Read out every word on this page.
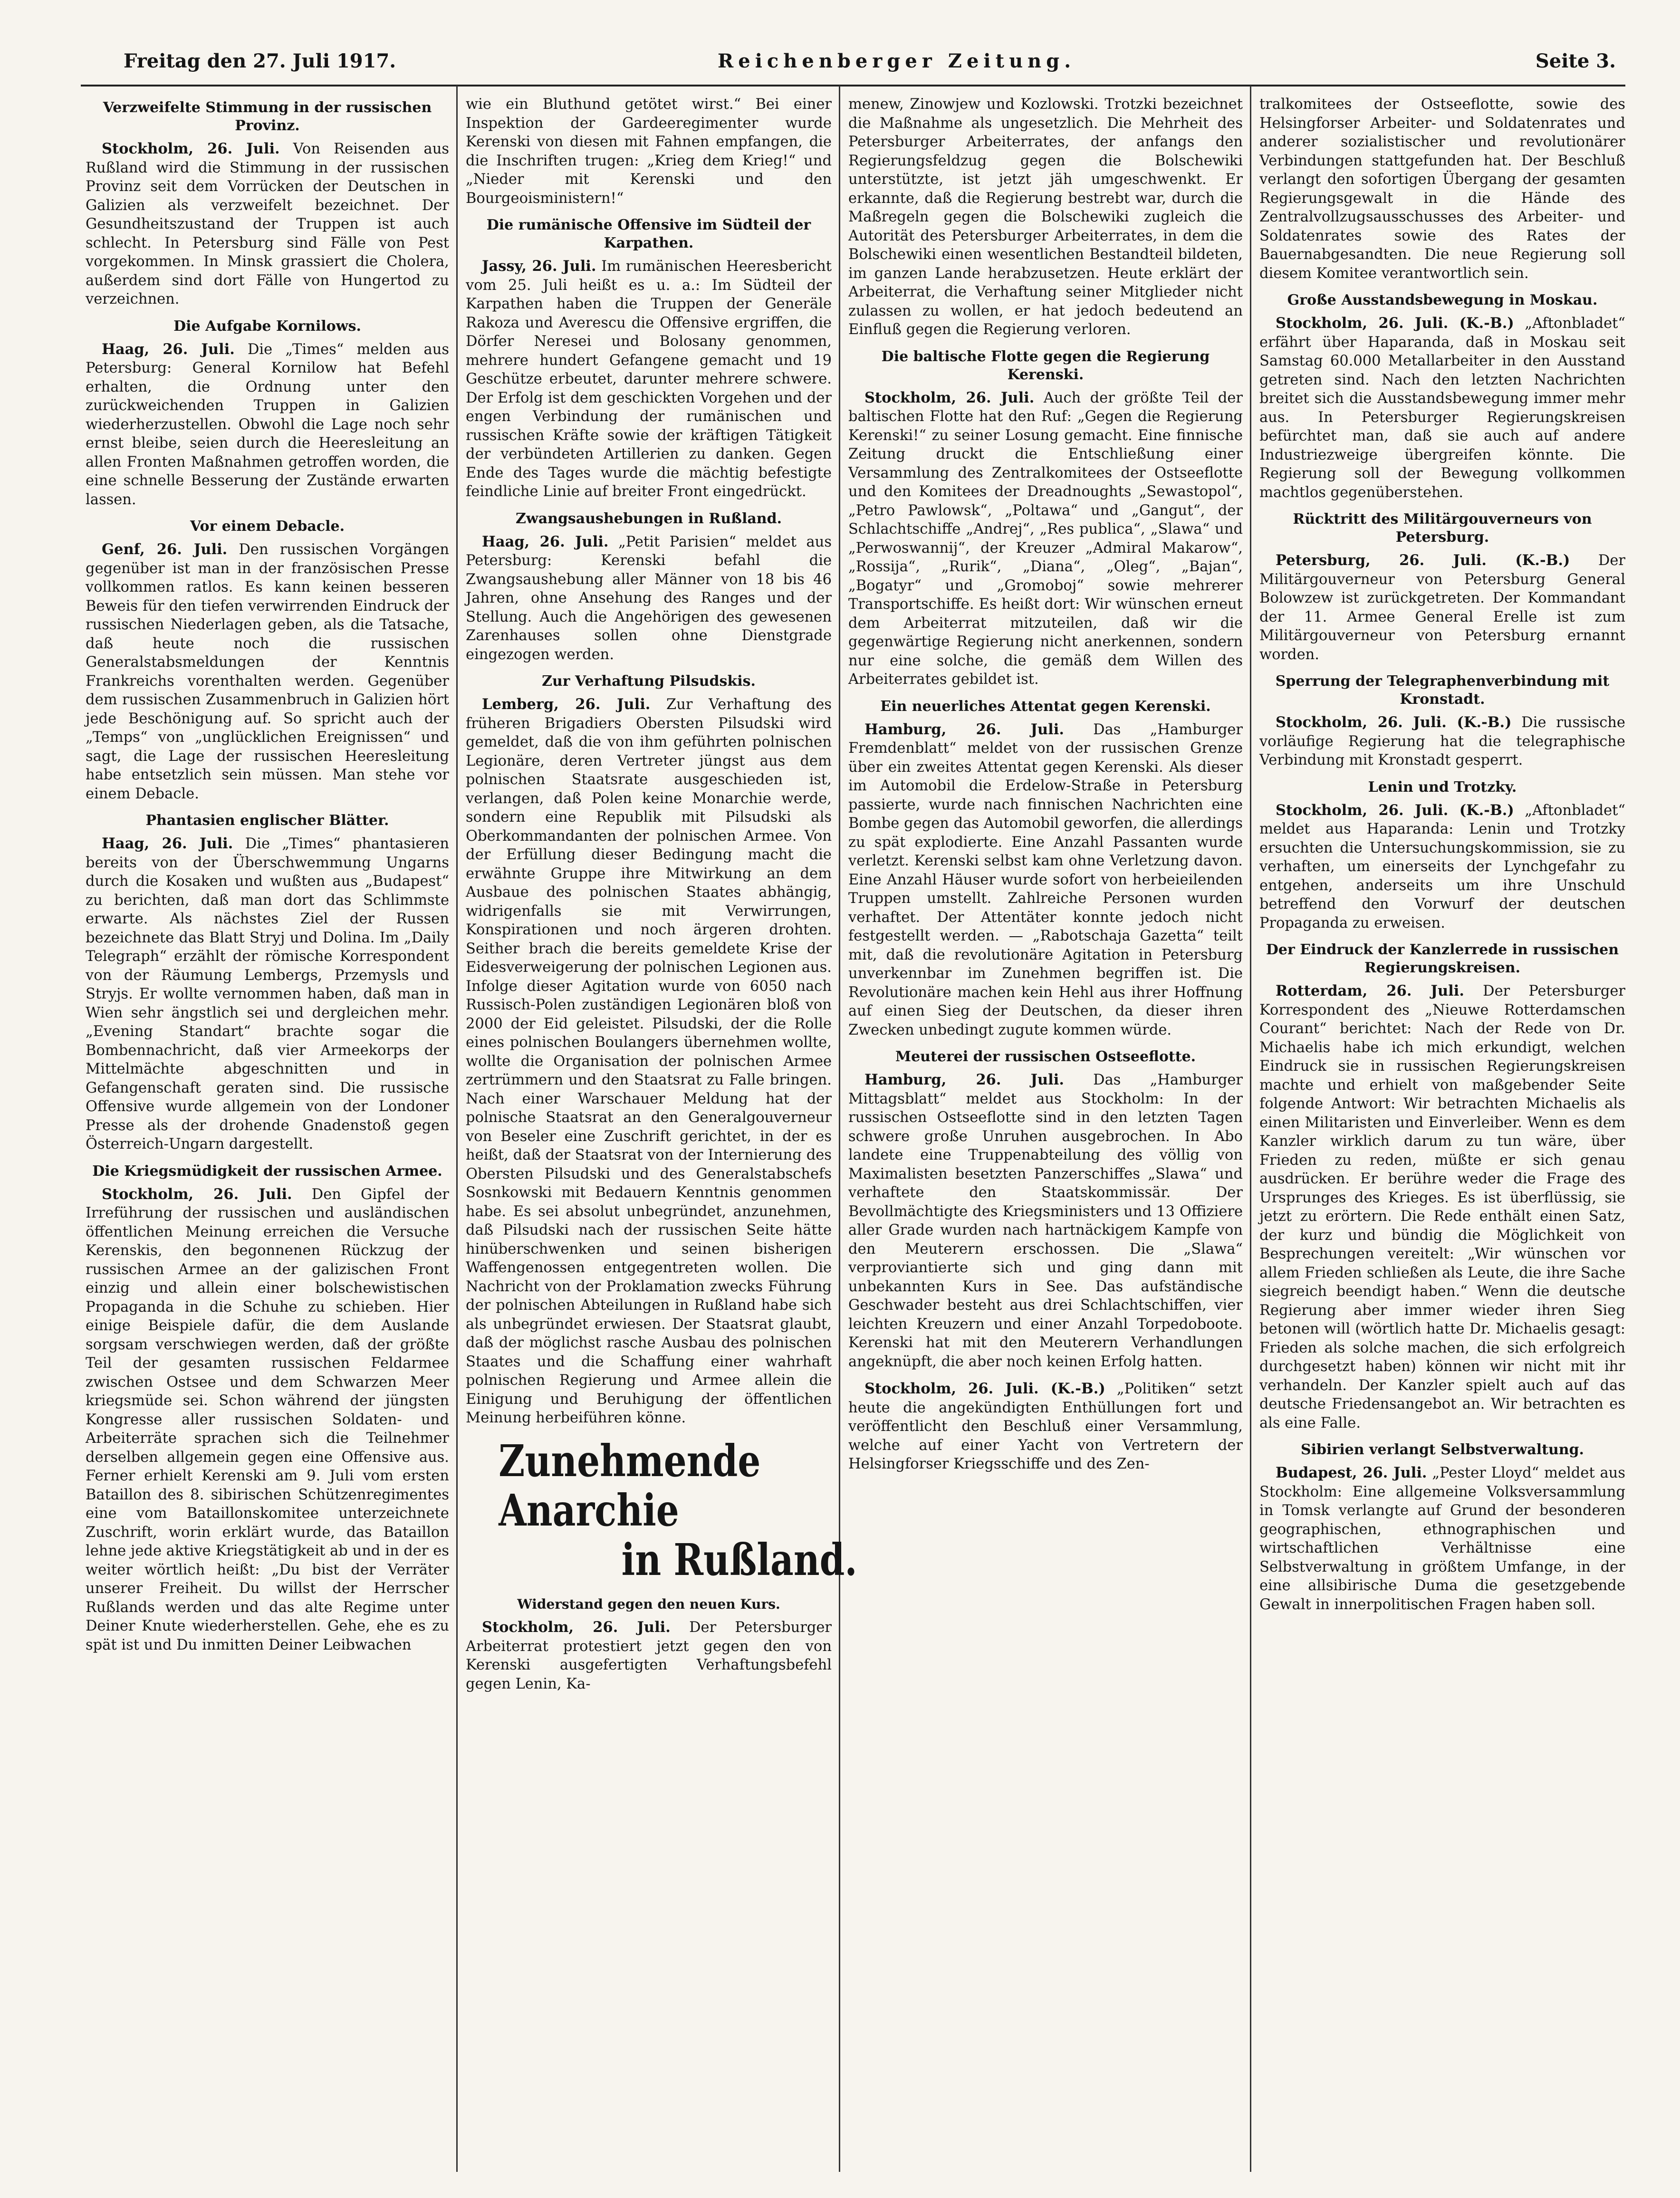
Freitag den 27. Juli 1917.	Reichenberger Zeitung.	Seite 3.
Verzweifelte Stimmung in der russischen Provinz.

Stockholm, 26. Juli. Von Reisenden aus Rußland wird die Stimmung in der russischen Provinz seit dem Vorrücken der Deutschen in Galizien als verzweifelt bezeichnet. Der Gesundheitszustand der Truppen ist auch schlecht. In Petersburg sind Fälle von Pest vorgekommen. In Minsk grassiert die Cholera, außerdem sind dort Fälle von Hungertod zu verzeichnen.

Die Aufgabe Kornilows.

Haag, 26. Juli. Die „Times“ melden aus Petersburg: General Kornilow hat Befehl erhalten, die Ordnung unter den zurückweichenden Truppen in Galizien wiederherzustellen. Obwohl die Lage noch sehr ernst bleibe, seien durch die Heeresleitung an allen Fronten Maßnahmen getroffen worden, die eine schnelle Besserung der Zustände erwarten lassen.

Vor einem Debacle.

Genf, 26. Juli. Den russischen Vorgängen gegenüber ist man in der französischen Presse vollkommen ratlos. Es kann keinen besseren Beweis für den tiefen verwirrenden Eindruck der russischen Niederlagen geben, als die Tatsache, daß heute noch die russischen Generalstabsmeldungen der Kenntnis Frankreichs vorenthalten werden. Gegenüber dem russischen Zusammenbruch in Galizien hört jede Beschönigung auf. So spricht auch der „Temps“ von „unglücklichen Ereignissen“ und sagt, die Lage der russischen Heeresleitung habe entsetzlich sein müssen. Man stehe vor einem Debacle.

Phantasien englischer Blätter.

Haag, 26. Juli. Die „Times“ phantasieren bereits von der Überschwemmung Ungarns durch die Kosaken und wußten aus „Budapest“ zu berichten, daß man dort das Schlimmste erwarte. Als nächstes Ziel der Russen bezeichnete das Blatt Stryj und Dolina. Im „Daily Telegraph“ erzählt der römische Korrespondent von der Räumung Lembergs, Przemysls und Stryjs. Er wollte vernommen haben, daß man in Wien sehr ängstlich sei und dergleichen mehr. „Evening Standart“ brachte sogar die Bombennachricht, daß vier Armeekorps der Mittelmächte abgeschnitten und in Gefangenschaft geraten sind. Die russische Offensive wurde allgemein von der Londoner Presse als der drohende Gnadenstoß gegen Österreich-Ungarn dargestellt.

Die Kriegsmüdigkeit der russischen Armee.

Stockholm, 26. Juli. Den Gipfel der Irreführung der russischen und ausländischen öffentlichen Meinung erreichen die Versuche Kerenskis, den begonnenen Rückzug der russischen Armee an der galizischen Front einzig und allein einer bolschewistischen Propaganda in die Schuhe zu schieben. Hier einige Beispiele dafür, die dem Auslande sorgsam verschwiegen werden, daß der größte Teil der gesamten russischen Feldarmee zwischen Ostsee und dem Schwarzen Meer kriegsmüde sei. Schon während der jüngsten Kongresse aller russischen Soldaten- und Arbeiterräte sprachen sich die Teilnehmer derselben allgemein gegen eine Offensive aus. Ferner erhielt Kerenski am 9. Juli vom ersten Bataillon des 8. sibirischen Schützenregimentes eine vom Bataillonskomitee unterzeichnete Zuschrift, worin erklärt wurde, das Bataillon lehne jede aktive Kriegstätigkeit ab und in der es weiter wörtlich heißt: „Du bist der Verräter unserer Freiheit. Du willst der Herrscher Rußlands werden und das alte Regime unter Deiner Knute wiederherstellen. Gehe, ehe es zu spät ist und Du inmitten Deiner Leibwachen

wie ein Bluthund getötet wirst.“ Bei einer Inspektion der Gardeeregimenter wurde Kerenski von diesen mit Fahnen empfangen, die die Inschriften trugen: „Krieg dem Krieg!“ und „Nieder mit Kerenski und den Bourgeoisministern!“

Die rumänische Offensive im Südteil der Karpathen.

Jassy, 26. Juli. Im rumänischen Heeresbericht vom 25. Juli heißt es u. a.: Im Südteil der Karpathen haben die Truppen der Generäle Rakoza und Averescu die Offensive ergriffen, die Dörfer Neresei und Bolosany genommen, mehrere hundert Gefangene gemacht und 19 Geschütze erbeutet, darunter mehrere schwere. Der Erfolg ist dem geschickten Vorgehen und der engen Verbindung der rumänischen und russischen Kräfte sowie der kräftigen Tätigkeit der verbündeten Artillerien zu danken. Gegen Ende des Tages wurde die mächtig befestigte feindliche Linie auf breiter Front eingedrückt.

Zwangsaushebungen in Rußland.

Haag, 26. Juli. „Petit Parisien“ meldet aus Petersburg: Kerenski befahl die Zwangsaushebung aller Männer von 18 bis 46 Jahren, ohne Ansehung des Ranges und der Stellung. Auch die Angehörigen des gewesenen Zarenhauses sollen ohne Dienstgrade eingezogen werden.

Zur Verhaftung Pilsudskis.

Lemberg, 26. Juli. Zur Verhaftung des früheren Brigadiers Obersten Pilsudski wird gemeldet, daß die von ihm geführten polnischen Legionäre, deren Vertreter jüngst aus dem polnischen Staatsrate ausgeschieden ist, verlangen, daß Polen keine Monarchie werde, sondern eine Republik mit Pilsudski als Oberkommandanten der polnischen Armee. Von der Erfüllung dieser Bedingung macht die erwähnte Gruppe ihre Mitwirkung an dem Ausbaue des polnischen Staates abhängig, widrigenfalls sie mit Verwirrungen, Konspirationen und noch ärgeren drohten. Seither brach die bereits gemeldete Krise der Eidesverweigerung der polnischen Legionen aus. Infolge dieser Agitation wurde von 6050 nach Russisch-Polen zuständigen Legionären bloß von 2000 der Eid geleistet. Pilsudski, der die Rolle eines polnischen Boulangers übernehmen wollte, wollte die Organisation der polnischen Armee zertrümmern und den Staatsrat zu Falle bringen. Nach einer Warschauer Meldung hat der polnische Staatsrat an den Generalgouverneur von Beseler eine Zuschrift gerichtet, in der es heißt, daß der Staatsrat von der Internierung des Obersten Pilsudski und des Generalstabschefs Sosnkowski mit Bedauern Kenntnis genommen habe. Es sei absolut unbegründet, anzunehmen, daß Pilsudski nach der russischen Seite hätte hinüberschwenken und seinen bisherigen Waffengenossen entgegentreten wollen. Die Nachricht von der Proklamation zwecks Führung der polnischen Abteilungen in Rußland habe sich als unbegründet erwiesen. Der Staatsrat glaubt, daß der möglichst rasche Ausbau des polnischen Staates und die Schaffung einer wahrhaft polnischen Regierung und Armee allein die Einigung und Beruhigung der öffentlichen Meinung herbeiführen könne.

Zunehmende Anarchie
in Rußland.
Widerstand gegen den neuen Kurs.

Stockholm, 26. Juli. Der Petersburger Arbeiterrat protestiert jetzt gegen den von Kerenski ausgefertigten Verhaftungsbefehl gegen Lenin, Ka-

menew, Zinowjew und Kozlowski. Trotzki bezeichnet die Maßnahme als ungesetzlich. Die Mehrheit des Petersburger Arbeiterrates, der anfangs den Regierungsfeldzug gegen die Bolschewiki unterstützte, ist jetzt jäh umgeschwenkt. Er erkannte, daß die Regierung bestrebt war, durch die Maßregeln gegen die Bolschewiki zugleich die Autorität des Petersburger Arbeiterrates, in dem die Bolschewiki einen wesentlichen Bestandteil bildeten, im ganzen Lande herabzusetzen. Heute erklärt der Arbeiterrat, die Verhaftung seiner Mitglieder nicht zulassen zu wollen, er hat jedoch bedeutend an Einfluß gegen die Regierung verloren.

Die baltische Flotte gegen die Regierung Kerenski.

Stockholm, 26. Juli. Auch der größte Teil der baltischen Flotte hat den Ruf: „Gegen die Regierung Kerenski!“ zu seiner Losung gemacht. Eine finnische Zeitung druckt die Entschließung einer Versammlung des Zentralkomitees der Ostseeflotte und den Komitees der Dreadnoughts „Sewastopol“, „Petro Pawlowsk“, „Poltawa“ und „Gangut“, der Schlachtschiffe „Andrej“, „Res publica“, „Slawa“ und „Perwoswannij“, der Kreuzer „Admiral Makarow“, „Rossija“, „Rurik“, „Diana“, „Oleg“, „Bajan“, „Bogatyr“ und „Gromoboj“ sowie mehrerer Transportschiffe. Es heißt dort: Wir wünschen erneut dem Arbeiterrat mitzuteilen, daß wir die gegenwärtige Regierung nicht anerkennen, sondern nur eine solche, die gemäß dem Willen des Arbeiterrates gebildet ist.

Ein neuerliches Attentat gegen Kerenski.

Hamburg, 26. Juli. Das „Hamburger Fremdenblatt“ meldet von der russischen Grenze über ein zweites Attentat gegen Kerenski. Als dieser im Automobil die Erdelow-Straße in Petersburg passierte, wurde nach finnischen Nachrichten eine Bombe gegen das Automobil geworfen, die allerdings zu spät explodierte. Eine Anzahl Passanten wurde verletzt. Kerenski selbst kam ohne Verletzung davon. Eine Anzahl Häuser wurde sofort von herbeieilenden Truppen umstellt. Zahlreiche Personen wurden verhaftet. Der Attentäter konnte jedoch nicht festgestellt werden. — „Rabotschaja Gazetta“ teilt mit, daß die revolutionäre Agitation in Petersburg unverkennbar im Zunehmen begriffen ist. Die Revolutionäre machen kein Hehl aus ihrer Hoffnung auf einen Sieg der Deutschen, da dieser ihren Zwecken unbedingt zugute kommen würde.

Meuterei der russischen Ostseeflotte.

Hamburg, 26. Juli. Das „Hamburger Mittagsblatt“ meldet aus Stockholm: In der russischen Ostseeflotte sind in den letzten Tagen schwere große Unruhen ausgebrochen. In Abo landete eine Truppenabteilung des völlig von Maximalisten besetzten Panzerschiffes „Slawa“ und verhaftete den Staatskommissär. Der Bevollmächtigte des Kriegsministers und 13 Offiziere aller Grade wurden nach hartnäckigem Kampfe von den Meuterern erschossen. Die „Slawa“ verproviantierte sich und ging dann mit unbekannten Kurs in See. Das aufständische Geschwader besteht aus drei Schlachtschiffen, vier leichten Kreuzern und einer Anzahl Torpedoboote. Kerenski hat mit den Meuterern Verhandlungen angeknüpft, die aber noch keinen Erfolg hatten.

Stockholm, 26. Juli. (K.-B.) „Politiken“ setzt heute die angekündigten Enthüllungen fort und veröffentlicht den Beschluß einer Versammlung, welche auf einer Yacht von Vertretern der Helsingforser Kriegsschiffe und des Zen-

tralkomitees der Ostseeflotte, sowie des Helsingforser Arbeiter- und Soldatenrates und anderer sozialistischer und revolutionärer Verbindungen stattgefunden hat. Der Beschluß verlangt den sofortigen Übergang der gesamten Regierungsgewalt in die Hände des Zentralvollzugsausschusses des Arbeiter- und Soldatenrates sowie des Rates der Bauernabgesandten. Die neue Regierung soll diesem Komitee verantwortlich sein.

Große Ausstandsbewegung in Moskau.

Stockholm, 26. Juli. (K.-B.) „Aftonbladet“ erfährt über Haparanda, daß in Moskau seit Samstag 60.000 Metallarbeiter in den Ausstand getreten sind. Nach den letzten Nachrichten breitet sich die Ausstandsbewegung immer mehr aus. In Petersburger Regierungskreisen befürchtet man, daß sie auch auf andere Industriezweige übergreifen könnte. Die Regierung soll der Bewegung vollkommen machtlos gegenüberstehen.

Rücktritt des Militärgouverneurs von Petersburg.

Petersburg, 26. Juli. (K.-B.) Der Militärgouverneur von Petersburg General Bolowzew ist zurückgetreten. Der Kommandant der 11. Armee General Erelle ist zum Militärgouverneur von Petersburg ernannt worden.

Sperrung der Telegraphenverbindung mit Kronstadt.

Stockholm, 26. Juli. (K.-B.) Die russische vorläufige Regierung hat die telegraphische Verbindung mit Kronstadt gesperrt.

Lenin und Trotzky.

Stockholm, 26. Juli. (K.-B.) „Aftonbladet“ meldet aus Haparanda: Lenin und Trotzky ersuchten die Untersuchungskommission, sie zu verhaften, um einerseits der Lynchgefahr zu entgehen, anderseits um ihre Unschuld betreffend den Vorwurf der deutschen Propaganda zu erweisen.

Der Eindruck der Kanzlerrede in russischen Regierungskreisen.

Rotterdam, 26. Juli. Der Petersburger Korrespondent des „Nieuwe Rotterdamschen Courant“ berichtet: Nach der Rede von Dr. Michaelis habe ich mich erkundigt, welchen Eindruck sie in russischen Regierungskreisen machte und erhielt von maßgebender Seite folgende Antwort: Wir betrachten Michaelis als einen Militaristen und Einverleiber. Wenn es dem Kanzler wirklich darum zu tun wäre, über Frieden zu reden, müßte er sich genau ausdrücken. Er berühre weder die Frage des Ursprunges des Krieges. Es ist überflüssig, sie jetzt zu erörtern. Die Rede enthält einen Satz, der kurz und bündig die Möglichkeit von Besprechungen vereitelt: „Wir wünschen vor allem Frieden schließen als Leute, die ihre Sache siegreich beendigt haben.“ Wenn die deutsche Regierung aber immer wieder ihren Sieg betonen will (wörtlich hatte Dr. Michaelis gesagt: Frieden als solche machen, die sich erfolgreich durchgesetzt haben) können wir nicht mit ihr verhandeln. Der Kanzler spielt auch auf das deutsche Friedensangebot an. Wir betrachten es als eine Falle.

Sibirien verlangt Selbstverwaltung.

Budapest, 26. Juli. „Pester Lloyd“ meldet aus Stockholm: Eine allgemeine Volksversammlung in Tomsk verlangte auf Grund der besonderen geographischen, ethnographischen und wirtschaftlichen Verhältnisse eine Selbstverwaltung in größtem Umfange, in der eine allsibirische Duma die gesetzgebende Gewalt in innerpolitischen Fragen haben soll.
